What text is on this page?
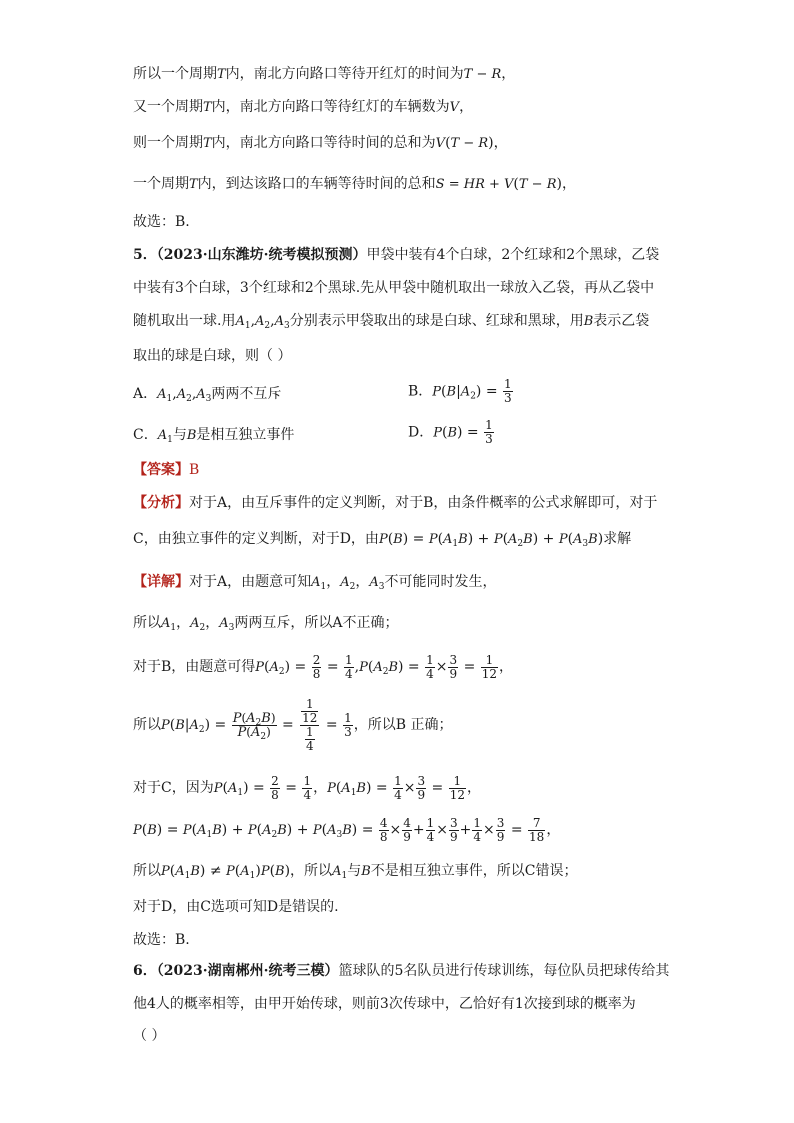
所以一个周期T内，南北方向路口等待开红灯的时间为T − R，
又一个周期T内，南北方向路口等待红灯的车辆数为V，
则一个周期T内，南北方向路口等待时间的总和为V(T − R)，
一个周期T内，到达该路口的车辆等待时间的总和S = HR + V(T − R)，
故选：B.
5．（2023·山东潍坊·统考模拟预测）甲袋中装有4个白球，2个红球和2个黑球，乙袋
中装有3个白球，3个红球和2个黑球.先从甲袋中随机取出一球放入乙袋，再从乙袋中
随机取出一球.用$A_1,A_2,A_3$分别表示甲袋取出的球是白球、红球和黑球，用B表示乙袋
取出的球是白球，则（ ）
A．$A_1,A_2,A_3$两两不互斥	B．$P(B|A_2) = \frac{1}{3}$
C．$A_1$与B是相互独立事件	D．$P(B) = \frac{1}{3}$
【答案】B
【分析】对于A，由互斥事件的定义判断，对于B，由条件概率的公式求解即可，对于
C，由独立事件的定义判断，对于D，由$P(B) = P(A_1B) + P(A_2B) + P(A_3B)$求解
【详解】对于A，由题意可知$A_1$，$A_2$，$A_3$不可能同时发生，
所以$A_1$，$A_2$，$A_3$两两互斥，所以A不正确；
对于B，由题意可得$P(A_2) = \frac{2}{8} = \frac{1}{4} ,P(A_2B) = \frac{1}{4} \times \frac{3}{9} = \frac{1}{12}$ ，
所以$P(B|A_2) = \frac{P(A_2B)}{P(A_2)} = \frac{\frac{1}{12}}{\frac{1}{4}} = \frac{1}{3}$ ，所以B 正确；
对于C，因为$P(A_1) = \frac{2}{8} = \frac{1}{4}$ ，$P(A_1B) = \frac{1}{4} \times \frac{3}{9} = \frac{1}{12}$ ，
$P(B) = P(A_1B) + P(A_2B) + P(A_3B) = \frac{4}{8} \times \frac{4}{9} + \frac{1}{4} \times \frac{3}{9} + \frac{1}{4} \times \frac{3}{9} = \frac{7}{18}$ ，
所以$P(A_1B) \ne P(A_1)P(B)$，所以$A_1$与B不是相互独立事件，所以C错误；
对于D，由C选项可知D是错误的.
故选：B.
6．（2023·湖南郴州·统考三模）篮球队的5名队员进行传球训练，每位队员把球传给其
他4人的概率相等，由甲开始传球，则前3次传球中，乙恰好有1次接到球的概率为
（ ）
